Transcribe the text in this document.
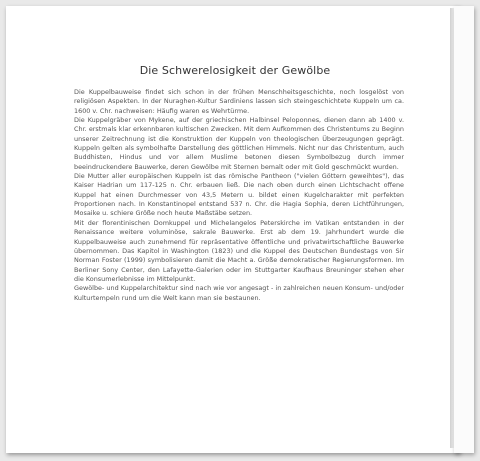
Die Schwerelosigkeit der Gewölbe

Die Kuppelbauweise findet sich schon in der frühen Menschheitsgeschichte, noch losgelöst von religiösen Aspekten. In der Nuraghen-Kultur Sardiniens lassen sich steingeschichtete Kuppeln um ca. 1600 v. Chr. nachweisen: Häufig waren es Wehrtürme.

Die Kuppelgräber von Mykene, auf der griechischen Halbinsel Peloponnes, dienen dann ab 1400 v. Chr. erstmals klar erkennbaren kultischen Zwecken. Mit dem Aufkommen des Christentums zu Beginn unserer Zeitrechnung ist die Konstruktion der Kuppeln von theologischen Überzeugungen geprägt. Kuppeln gelten als symbolhafte Darstellung des göttlichen Himmels. Nicht nur das Christentum, auch Buddhisten, Hindus und vor allem Muslime betonen diesen Symbolbezug durch immer beeindruckendere Bauwerke, deren Gewölbe mit Sternen bemalt oder mit Gold geschmückt wurden.

Die Mutter aller europäischen Kuppeln ist das römische Pantheon ("vielen Göttern geweihtes"), das Kaiser Hadrian um 117-125 n. Chr. erbauen ließ. Die nach oben durch einen Lichtschacht offene Kuppel hat einen Durchmesser von 43,5 Metern u. bildet einen Kugelcharakter mit perfekten Proportionen nach. In Konstantinopel entstand 537 n. Chr. die Hagia Sophia, deren Lichtführungen, Mosaike u. schiere Größe noch heute Maßstäbe setzen.

Mit der florentinischen Domkuppel und Michelangelos Peterskirche im Vatikan entstanden in der Renaissance weitere voluminöse, sakrale Bauwerke. Erst ab dem 19. Jahrhundert wurde die Kuppelbauweise auch zunehmend für repräsentative öffentliche und privatwirtschaftliche Bauwerke übernommen. Das Kapitol in Washington (1823) und die Kuppel des Deutschen Bundestags von Sir Norman Foster (1999) symbolisieren damit die Macht a. Größe demokratischer Regierungsformen. Im Berliner Sony Center, den Lafayette-Galerien oder im Stuttgarter Kaufhaus Breuninger stehen eher die Konsumerlebnisse im Mittelpunkt.

Gewölbe- und Kuppelarchitektur sind nach wie vor angesagt - in zahlreichen neuen Konsum- und/oder Kulturtempeln rund um die Welt kann man sie bestaunen.
